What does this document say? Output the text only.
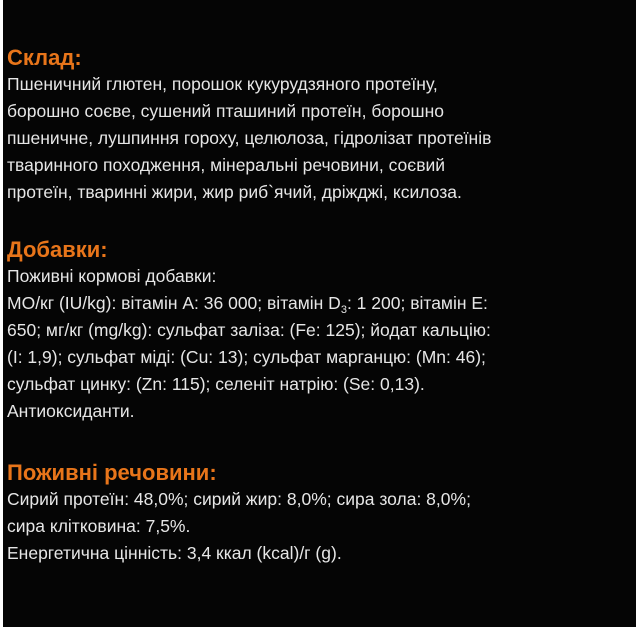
Склад:

Пшеничний глютен, порошок кукурудзяного протеїну,
борошно соєве, сушений пташиний протеїн, борошно
пшеничне, лушпиння гороху, целюлоза, гідролізат протеїнів
тваринного походження, мінеральні речовини, соєвий
протеїн, тваринні жири, жир риб`ячий, дріжджі, ксилоза.

Добавки:

Поживні кормові добавки:
МО/кг (IU/kg): вітамін А: 36 000; вітамін $D_3$: 1 200; вітамін Е:
650; мг/кг (mg/kg): сульфат заліза: (Fe: 125); йодат кальцію:
(I: 1,9); сульфат міді: (Cu: 13); сульфат марганцю: (Mn: 46);
сульфат цинку: (Zn: 115); селеніт натрію: (Se: 0,13).
Антиоксиданти.

Поживні речовини:

Сирий протеїн: 48,0%; сирий жир: 8,0%; сира зола: 8,0%;
сира клітковина: 7,5%.
Енергетична цінність: 3,4 ккал (kcal)/г (g).
